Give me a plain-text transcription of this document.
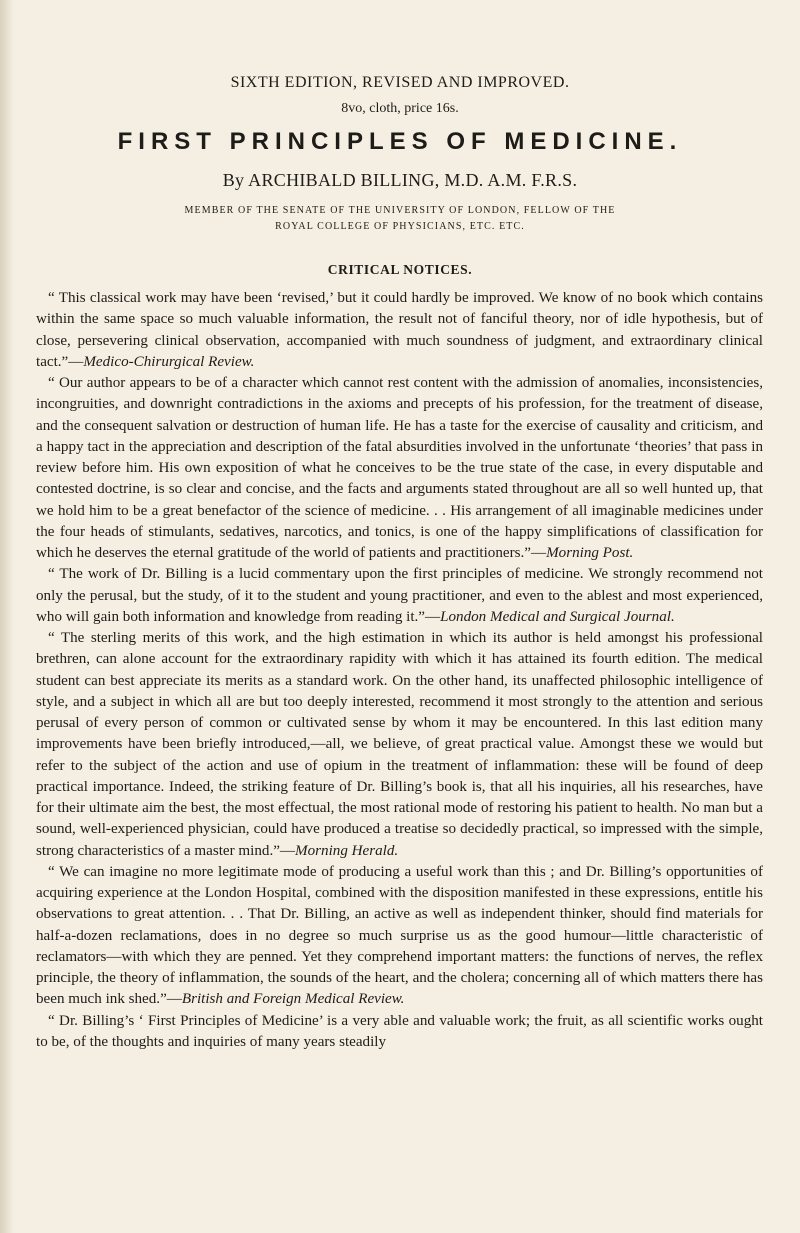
SIXTH EDITION, REVISED AND IMPROVED.
8vo, cloth, price 16s.
FIRST PRINCIPLES OF MEDICINE.
By ARCHIBALD BILLING, M.D. A.M. F.R.S.
MEMBER OF THE SENATE OF THE UNIVERSITY OF LONDON, FELLOW OF THE
ROYAL COLLEGE OF PHYSICIANS, ETC. ETC.
CRITICAL NOTICES.

“ This classical work may have been ‘revised,’ but it could hardly be improved. We know of no book which contains within the same space so much valuable information, the result not of fanciful theory, nor of idle hypothesis, but of close, persevering clinical observation, accompanied with much soundness of judgment, and extraordinary clinical tact.”—Medico-Chirurgical Review.

“ Our author appears to be of a character which cannot rest content with the admission of anomalies, inconsistencies, incongruities, and downright contradictions in the axioms and precepts of his profession, for the treatment of disease, and the consequent salvation or destruction of human life. He has a taste for the exercise of causality and criticism, and a happy tact in the appreciation and description of the fatal absurdities involved in the unfortunate ‘theories’ that pass in review before him. His own exposition of what he conceives to be the true state of the case, in every disputable and contested doctrine, is so clear and concise, and the facts and arguments stated throughout are all so well hunted up, that we hold him to be a great benefactor of the science of medicine. . . His arrangement of all imaginable medicines under the four heads of stimulants, sedatives, narcotics, and tonics, is one of the happy simplifications of classification for which he deserves the eternal gratitude of the world of patients and practitioners.”—Morning Post.

“ The work of Dr. Billing is a lucid commentary upon the first principles of medicine. We strongly recommend not only the perusal, but the study, of it to the student and young practitioner, and even to the ablest and most experienced, who will gain both information and knowledge from reading it.”—London Medical and Surgical Journal.

“ The sterling merits of this work, and the high estimation in which its author is held amongst his professional brethren, can alone account for the extraordinary rapidity with which it has attained its fourth edition. The medical student can best appreciate its merits as a standard work. On the other hand, its unaffected philosophic intelligence of style, and a subject in which all are but too deeply interested, recommend it most strongly to the attention and serious perusal of every person of common or cultivated sense by whom it may be encountered. In this last edition many improvements have been briefly introduced,—all, we believe, of great practical value. Amongst these we would but refer to the subject of the action and use of opium in the treatment of inflammation: these will be found of deep practical importance. Indeed, the striking feature of Dr. Billing’s book is, that all his inquiries, all his researches, have for their ultimate aim the best, the most effectual, the most rational mode of restoring his patient to health. No man but a sound, well-experienced physician, could have produced a treatise so decidedly practical, so impressed with the simple, strong characteristics of a master mind.”—Morning Herald.

“ We can imagine no more legitimate mode of producing a useful work than this ; and Dr. Billing’s opportunities of acquiring experience at the London Hospital, combined with the disposition manifested in these expressions, entitle his observations to great attention. . . That Dr. Billing, an active as well as independent thinker, should find materials for half-a-dozen reclamations, does in no degree so much surprise us as the good humour—little characteristic of reclamators—with which they are penned. Yet they comprehend important matters: the functions of nerves, the reflex principle, the theory of inflammation, the sounds of the heart, and the cholera; concerning all of which matters there has been much ink shed.”—British and Foreign Medical Review.

“ Dr. Billing’s ‘ First Principles of Medicine’ is a very able and valuable work; the fruit, as all scientific works ought to be, of the thoughts and inquiries of many years steadily
